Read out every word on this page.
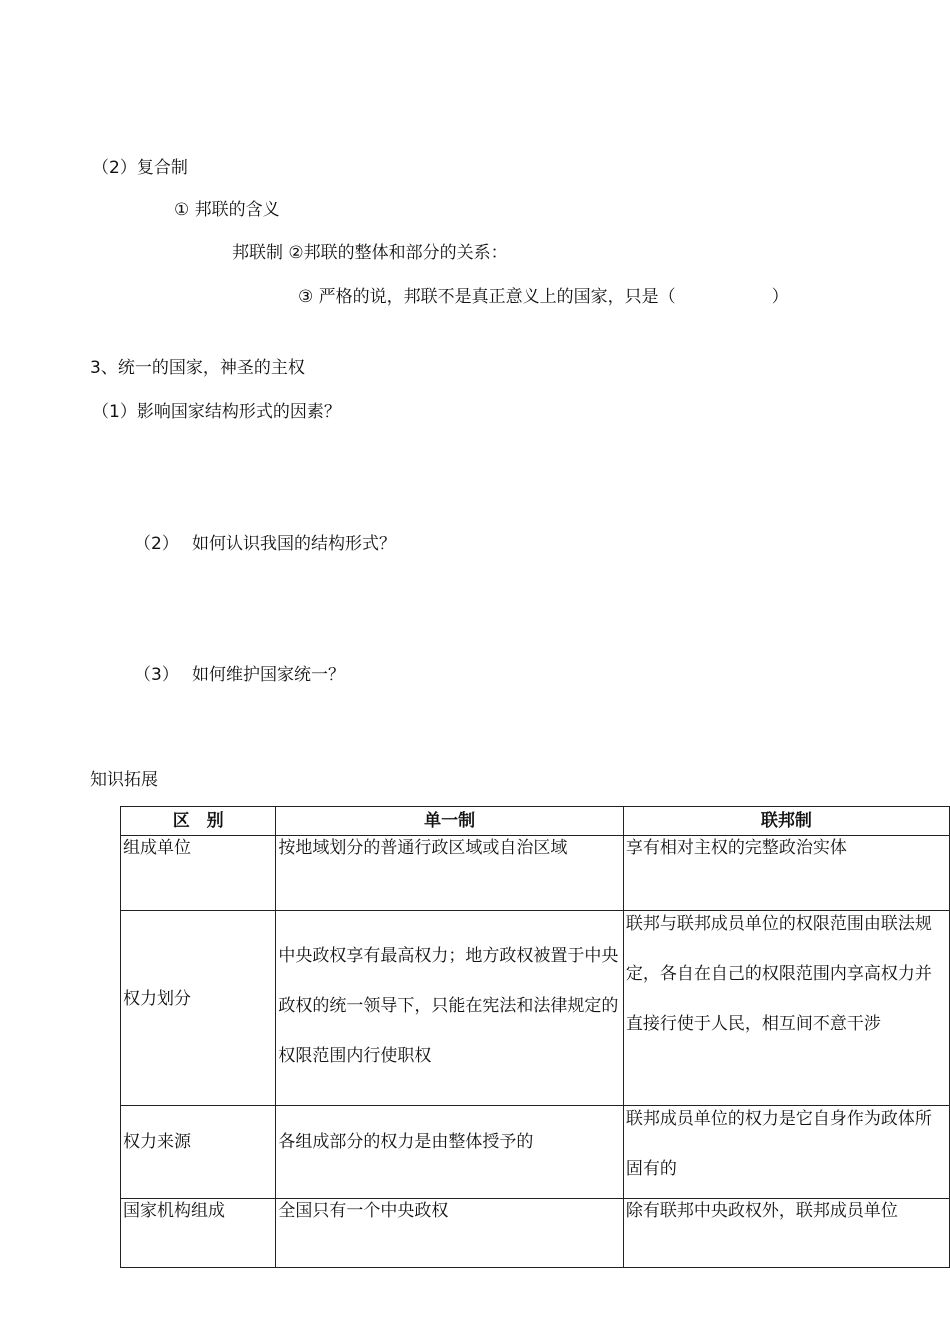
（2）复合制
① 邦联的含义
邦联制 ②邦联的整体和部分的关系：
③ 严格的说，邦联不是真正意义上的国家，只是（	）
3、统一的国家，神圣的主权
（1）影响国家结构形式的因素？
（2） 如何认识我国的结构形式？
（3） 如何维护国家统一？
知识拓展
区　别	单一制	联邦制
组成单位	按地域划分的普通行政区域或自治区域	享有相对主权的完整政治实体

权力划分	中央政权享有最高权力；地方政权被置于中央政权的统一领导下，只能在宪法和法律规定的权限范围内行使职权	联邦与联邦成员单位的权限范围由联法规定，各自在自己的权限范围内享高权力并直接行使于人民，相互间不意干涉

权力来源	各组成部分的权力是由整体授予的	联邦成员单位的权力是它自身作为政体所固有的

国家机构组成	全国只有一个中央政权	除有联邦中央政权外，联邦成员单位
